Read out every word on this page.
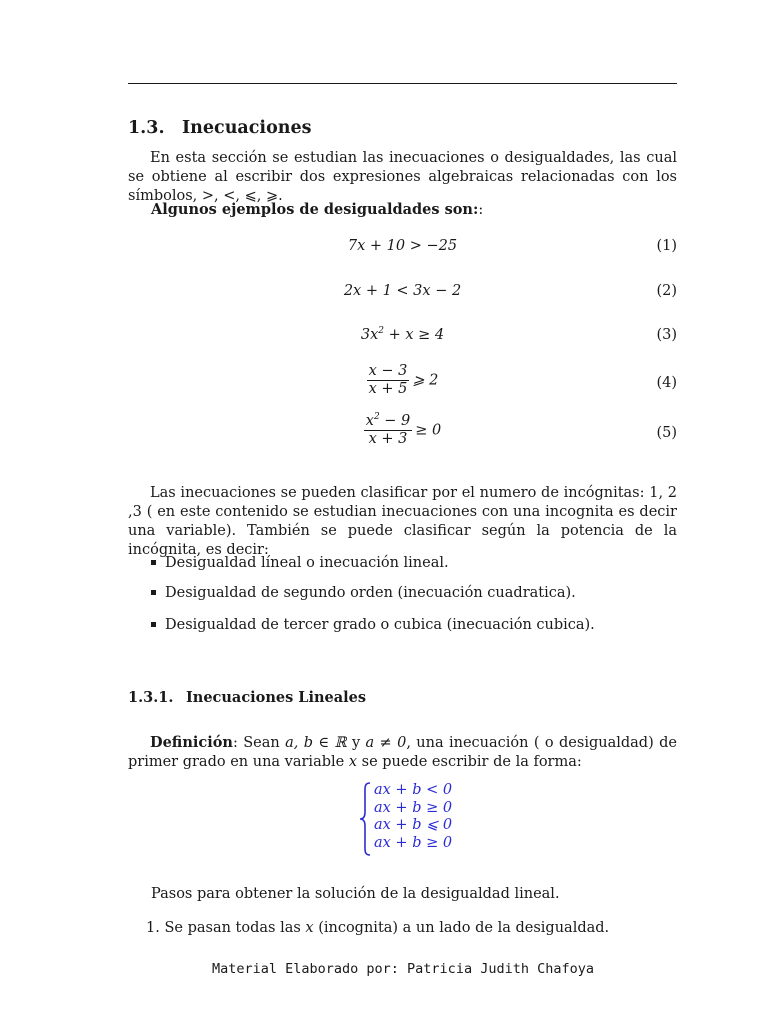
1.3. Inecuaciones
En esta sección se estudian las inecuaciones o desigualdades, las cual se obtiene al escribir dos expresiones algebraicas relacionadas con los símbolos, >, <, ⩽, ⩾.
Algunos ejemplos de desigualdades son::
7x + 10 > −25	(1)
2x + 1 < 3x − 2	(2)
$3x^2 + x \ge 4$	(3)
$\frac{x - 3}{x + 5}$ ⩾ 2	(4)
$\frac{x^2 - 9}{x + 3} \ge 0$	(5)
Las inecuaciones se pueden clasificar por el numero de incógnitas: 1, 2 ,3 ( en este contenido se estudian inecuaciones con una incognita es decir una variable). También se puede clasificar según la potencia de la incógnita, es decir:
Desigualdad líneal o inecuación lineal.
Desigualdad de segundo orden (inecuación cuadratica).
Desigualdad de tercer grado o cubica (inecuación cubica).
1.3.1. Inecuaciones Lineales
Definición: Sean a, b ∈ ℝ y a ≠ 0, una inecuación ( o desigualdad) de primer grado en una variable x se puede escribir de la forma:
ax + b < 0
ax + b ≥ 0
ax + b ⩽ 0
ax + b ≥ 0
Pasos para obtener la solución de la desigualdad lineal.
1. Se pasan todas las x (incognita) a un lado de la desigualdad.
Material Elaborado por: Patricia Judith Chafoya
